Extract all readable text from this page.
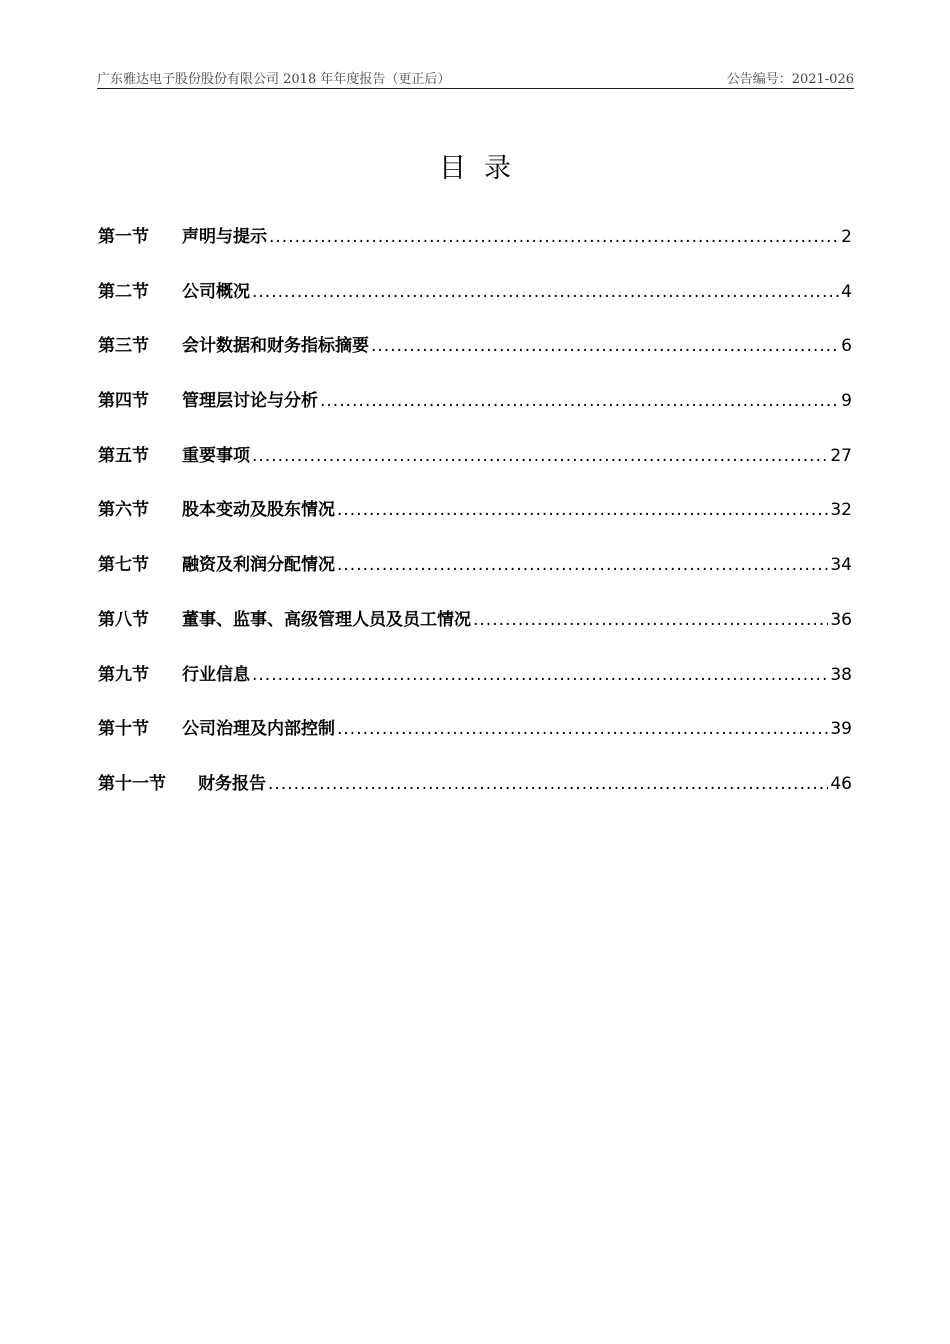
广东雅达电子股份股份有限公司 2018 年年度报告（更正后）	公告编号：2021-026
目录
第一节	声明与提示 .....	2
第二节	公司概况 .....	4
第三节	会计数据和财务指标摘要 .....	6
第四节	管理层讨论与分析 .....	9
第五节	重要事项 .....	27
第六节	股本变动及股东情况 .....	32
第七节	融资及利润分配情况 .....	34
第八节	董事、监事、高级管理人员及员工情况 .....	36
第九节	行业信息 .....	38
第十节	公司治理及内部控制 .....	39
第十一节	财务报告 .....	46
